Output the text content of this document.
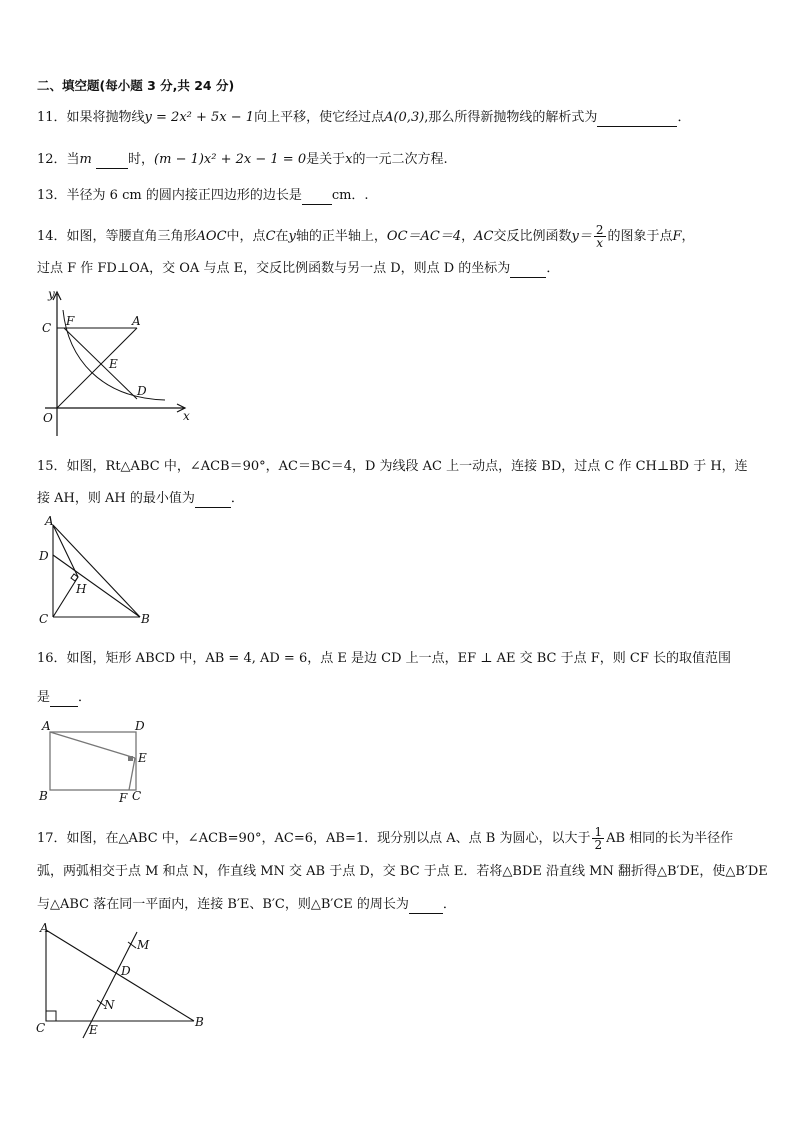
二、填空题(每小题 3 分,共 24 分)
11．如果将抛物线y = 2x² + 5x − 1向上平移，使它经过点A(0,3),那么所得新抛物线的解析式为	．
12．当m	时，(m − 1)x² + 2x − 1 = 0是关于x的一元二次方程.
13．半径为 6 cm 的圆内接正四边形的边长是 cm．.
14．如图，等腰直角三角形AOC中，点C在y轴的正半轴上，OC＝AC＝4，AC交反比例函数$y= \frac{2}{x}$ 的图象于点F，
过点 F 作 FD⊥OA，交 OA 与点 E，交反比例函数与另一点 D，则点 D 的坐标为	．
y
C F	A
E
D
O	x
15．如图，Rt△ABC 中，∠ACB＝90°，AC＝BC＝4，D 为线段 AC 上一动点，连接 BD，过点 C 作 CH⊥BD 于 H，连
接 AH，则 AH 的最小值为	．
A
D
H
C	B
16．如图，矩形 ABCD 中，AB = 4, AD = 6，点 E 是边 CD 上一点，EF ⊥ AE 交 BC 于点 F，则 CF 长的取值范围
是 ．
A	D
E
B	F C
17．如图，在△ABC 中，∠ACB=90°，AC=6，AB=1．现分别以点 A、点 B 为圆心，以大于 $\frac{1}{2}$ AB 相同的长为半径作
弧，两弧相交于点 M 和点 N，作直线 MN 交 AB 于点 D，交 BC 于点 E．若将△BDE 沿直线 MN 翻折得△B′DE，使△B′DE
与△ABC 落在同一平面内，连接 B′E、B′C，则△B′CE 的周长为	．
A
M
D
N
C	E
B
